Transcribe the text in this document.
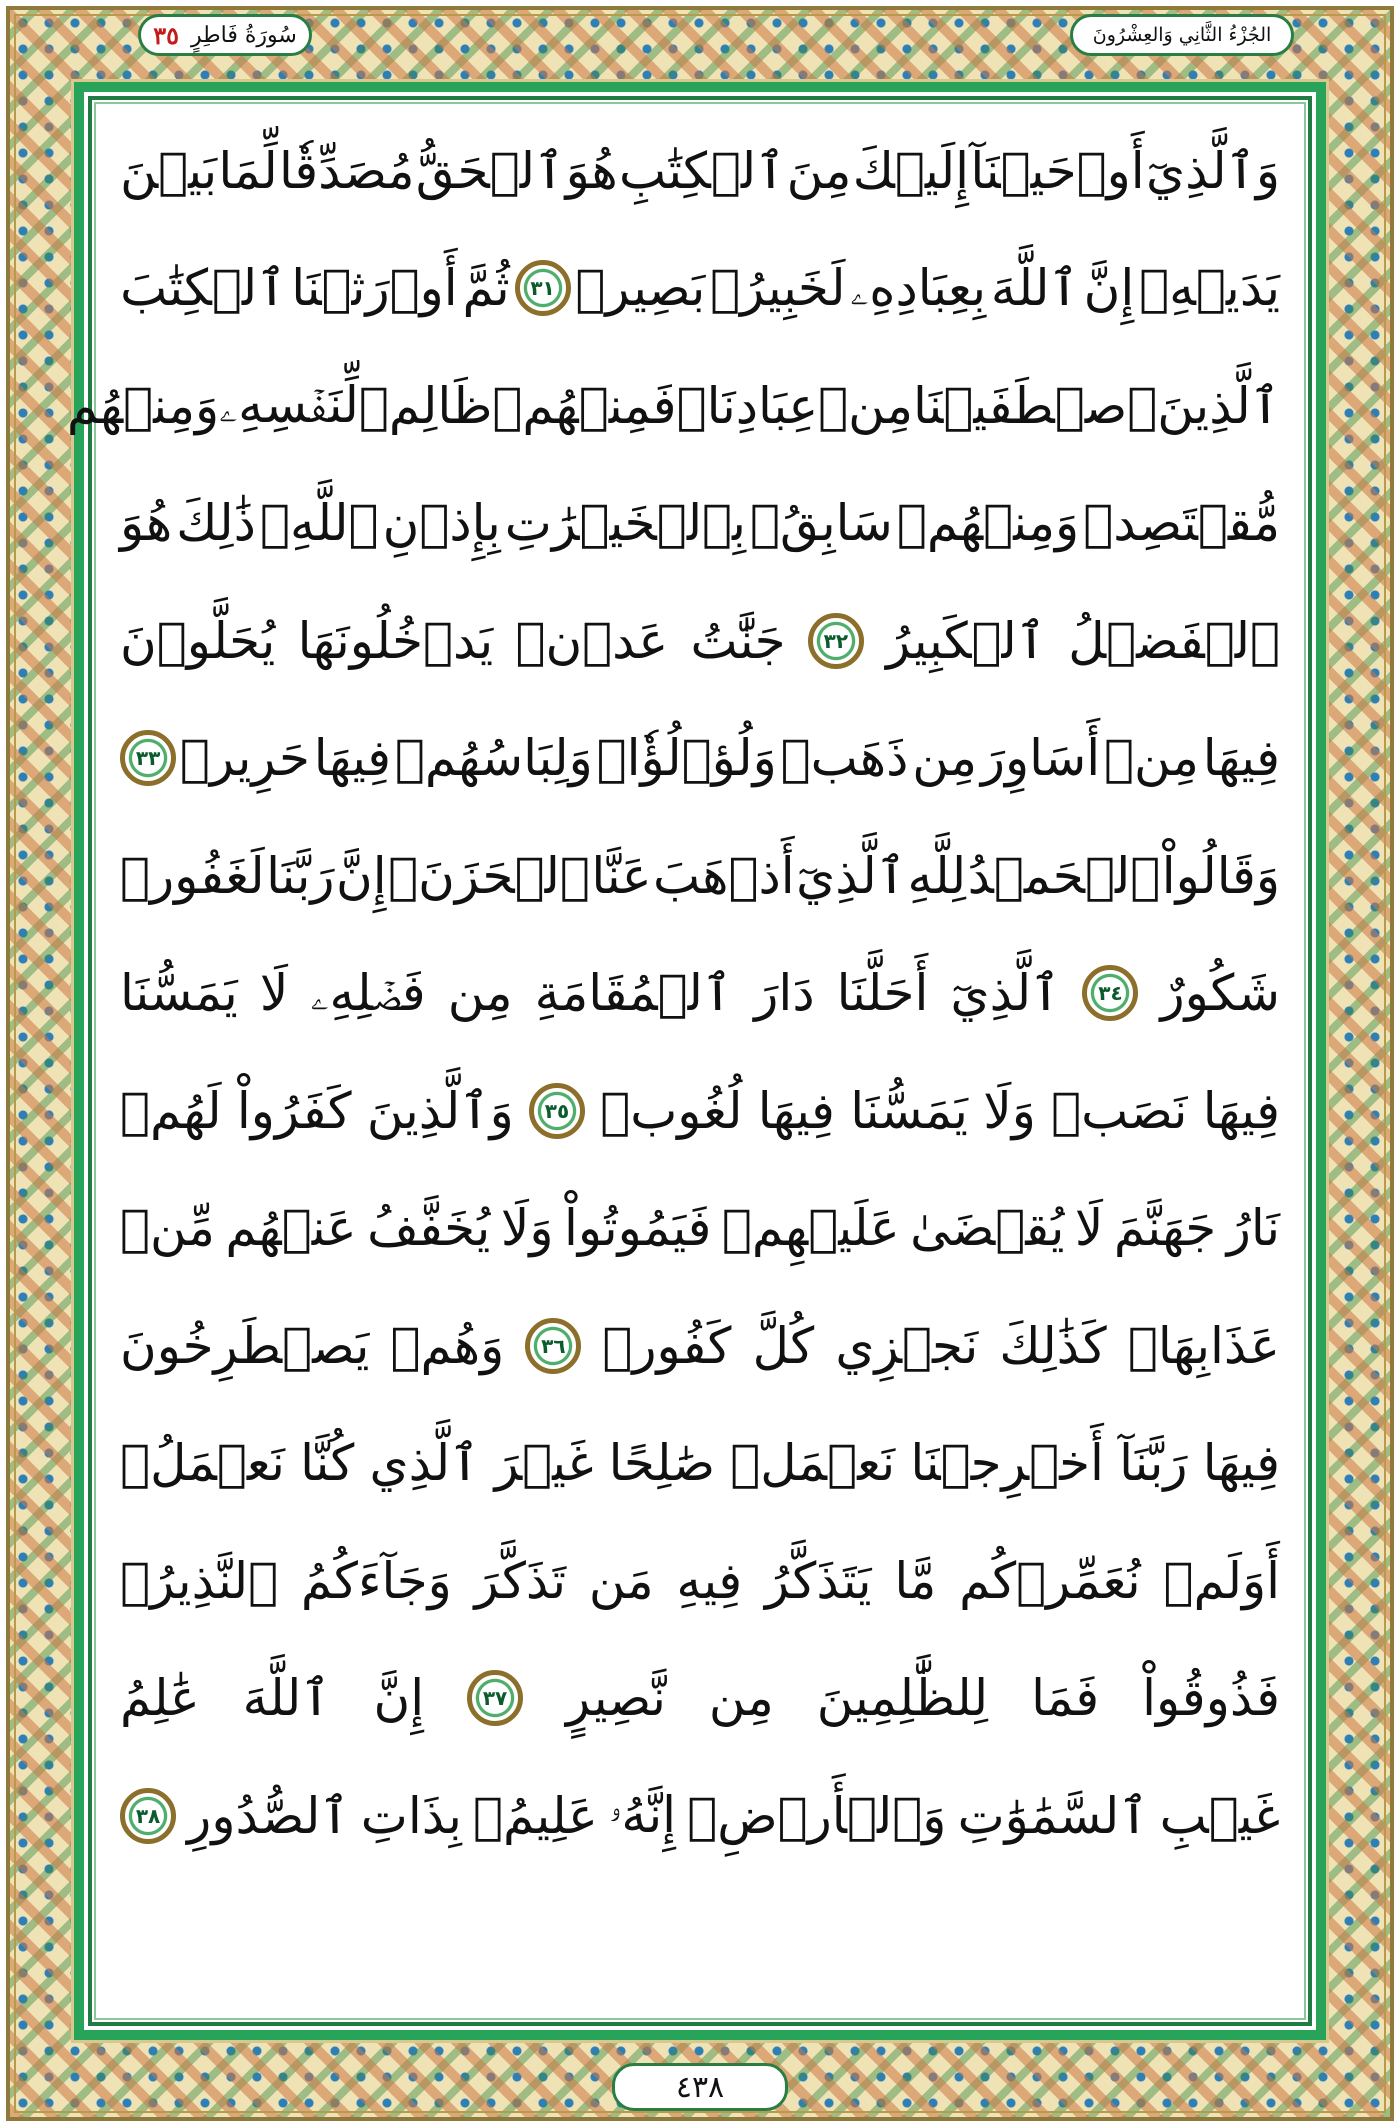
الجُزْءُ الثَّانِي وَالعِشْرُونَ
سُورَةُ فَاطِرٍ
٣٥
وَٱلَّذِيٓ
أَوۡحَيۡنَآ
إِلَيۡكَ
مِنَ
ٱلۡكِتَٰبِ
هُوَ
ٱلۡحَقُّ
مُصَدِّقٗا
لِّمَا
بَيۡنَ
يَدَيۡهِۗ
إِنَّ
ٱللَّهَ
بِعِبَادِهِۦ
لَخَبِيرُۢ
بَصِيرٞ
٣١
ثُمَّ
أَوۡرَثۡنَا
ٱلۡكِتَٰبَ
ٱلَّذِينَ
ٱصۡطَفَيۡنَا
مِنۡ
عِبَادِنَاۖ
فَمِنۡهُمۡ
ظَالِمٞ
لِّنَفۡسِهِۦ
وَمِنۡهُم
مُّقۡتَصِدٞ
وَمِنۡهُمۡ
سَابِقُۢ
بِٱلۡخَيۡرَٰتِ
بِإِذۡنِ
ٱللَّهِۚ
ذَٰلِكَ
هُوَ
ٱلۡفَضۡلُ
ٱلۡكَبِيرُ
٣٢
جَنَّٰتُ
عَدۡنٖ
يَدۡخُلُونَهَا
يُحَلَّوۡنَ
فِيهَا
مِنۡ
أَسَاوِرَ
مِن
ذَهَبٖ
وَلُؤۡلُؤٗاۖ
وَلِبَاسُهُمۡ
فِيهَا
حَرِيرٞ
٣٣
وَقَالُواْ
ٱلۡحَمۡدُ
لِلَّهِ
ٱلَّذِيٓ
أَذۡهَبَ
عَنَّا
ٱلۡحَزَنَۖ
إِنَّ
رَبَّنَا
لَغَفُورٞ
شَكُورٌ
٣٤
ٱلَّذِيٓ
أَحَلَّنَا
دَارَ
ٱلۡمُقَامَةِ
مِن
فَضۡلِهِۦ
لَا
يَمَسُّنَا
فِيهَا
نَصَبٞ
وَلَا
يَمَسُّنَا
فِيهَا
لُغُوبٞ
٣٥
وَٱلَّذِينَ
كَفَرُواْ
لَهُمۡ
نَارُ
جَهَنَّمَ
لَا
يُقۡضَىٰ
عَلَيۡهِمۡ
فَيَمُوتُواْ
وَلَا
يُخَفَّفُ
عَنۡهُم
مِّنۡ
عَذَابِهَاۚ
كَذَٰلِكَ
نَجۡزِي
كُلَّ
كَفُورٖ
٣٦
وَهُمۡ
يَصۡطَرِخُونَ
فِيهَا
رَبَّنَآ
أَخۡرِجۡنَا
نَعۡمَلۡ
صَٰلِحًا
غَيۡرَ
ٱلَّذِي
كُنَّا
نَعۡمَلُۚ
أَوَلَمۡ
نُعَمِّرۡكُم
مَّا
يَتَذَكَّرُ
فِيهِ
مَن
تَذَكَّرَ
وَجَآءَكُمُ
ٱلنَّذِيرُۖ
فَذُوقُواْ
فَمَا
لِلظَّٰلِمِينَ
مِن
نَّصِيرٍ
٣٧
إِنَّ
ٱللَّهَ
عَٰلِمُ
غَيۡبِ
ٱلسَّمَٰوَٰتِ
وَٱلۡأَرۡضِۚ
إِنَّهُۥ
عَلِيمُۢ
بِذَاتِ
ٱلصُّدُورِ
٣٨
٤٣٨
